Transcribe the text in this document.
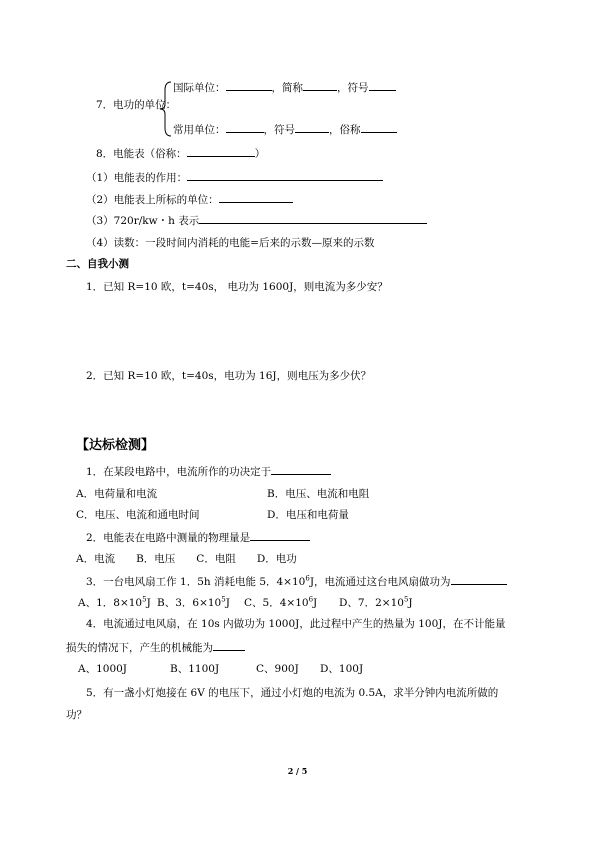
7．电功的单位：
国际单位：	，简称	，符号
常用单位：	，符号	，俗称
8．电能表（俗称：	）
（1）电能表的作用：
（2）电能表上所标的单位：
（3）720r/kw・h 表示
（4）读数：一段时间内消耗的电能=后来的示数—原来的示数
二、自我小测
1．已知 R=10 欧，t=40s， 电功为 1600J，则电流为多少安？
2．已知 R=10 欧，t=40s，电功为 16J，则电压为多少伏？
【达标检测】
1．在某段电路中，电流所作的功决定于
A．电荷量和电流	B．电压、电流和电阻
C．电压、电流和通电时间	D．电压和电荷量
2．电能表在电路中测量的物理量是
A．电流　　B．电压　　C．电阻　　D．电功
3．一台电风扇工作 1．5h 消耗电能 5．$4\times 10^6J$，电流通过这台电风扇做功为
A、1．$8\times 10^5J$ B、3．$6\times 10^5J$ C、5．$4\times 10^6J$ D、7．$2\times 10^5J$
4．电流通过电风扇，在 10s 内做功为 1000J，此过程中产生的热量为 100J，在不计能量
损失的情况下，产生的机械能为
A、1000J	B、1100J	C、900J D、100J
5．有一盏小灯炮接在 6V 的电压下，通过小灯炮的电流为 0.5A，求半分钟内电流所做的
功？
2 / 5
